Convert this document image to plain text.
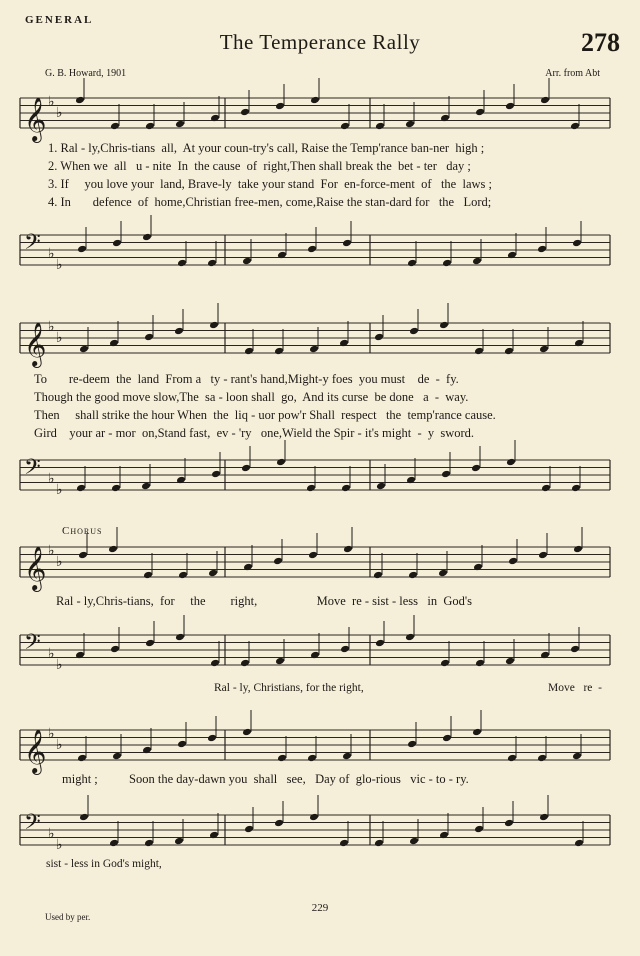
GENERAL
The Temperance Rally	278
G. B. Howard, 1901	Arr. from Abt
𝄞 ♭
♭
1. Ral - ly,Chris-tians  all,  At your coun-try's call, Raise the Temp'rance ban-ner  high ;
2. When we  all   u - nite  In  the cause  of  right,Then shall break the  bet - ter   day ;
3. If     you love your  land, Brave-ly  take your stand  For  en-force-ment  of   the  laws ;
4. In       defence  of  home,Christian free-men, come,Raise the stan-dard for   the   Lord;
𝄢 ♭
♭
𝄞 ♭
♭
To       re-deem  the  land  From a   ty - rant's hand,Might-y foes  you must    de  -  fy.
Though the good move slow,The  sa - loon shall  go,  And its curse  be done   a  -  way.
Then     shall strike the hour When  the  liq - uor pow'r Shall  respect   the  temp'rance cause.
Gird    your ar - mor  on,Stand fast,  ev - 'ry   one,Wield the Spir - it's might  -  y  sword.
𝄢 ♭
♭
Chorus
𝄞 ♭
♭
Ral - ly,Chris-tians,  for     the        right,                   Move  re - sist - less   in  God's
𝄢 ♭
♭
Ral - ly, Christians, for the right,	Move   re  -
𝄞 ♭
♭
might ;          Soon the day-dawn you  shall   see,   Day of  glo-rious   vic - to - ry.
𝄢 ♭
♭
sist - less in God's might,
229
Used by per.
